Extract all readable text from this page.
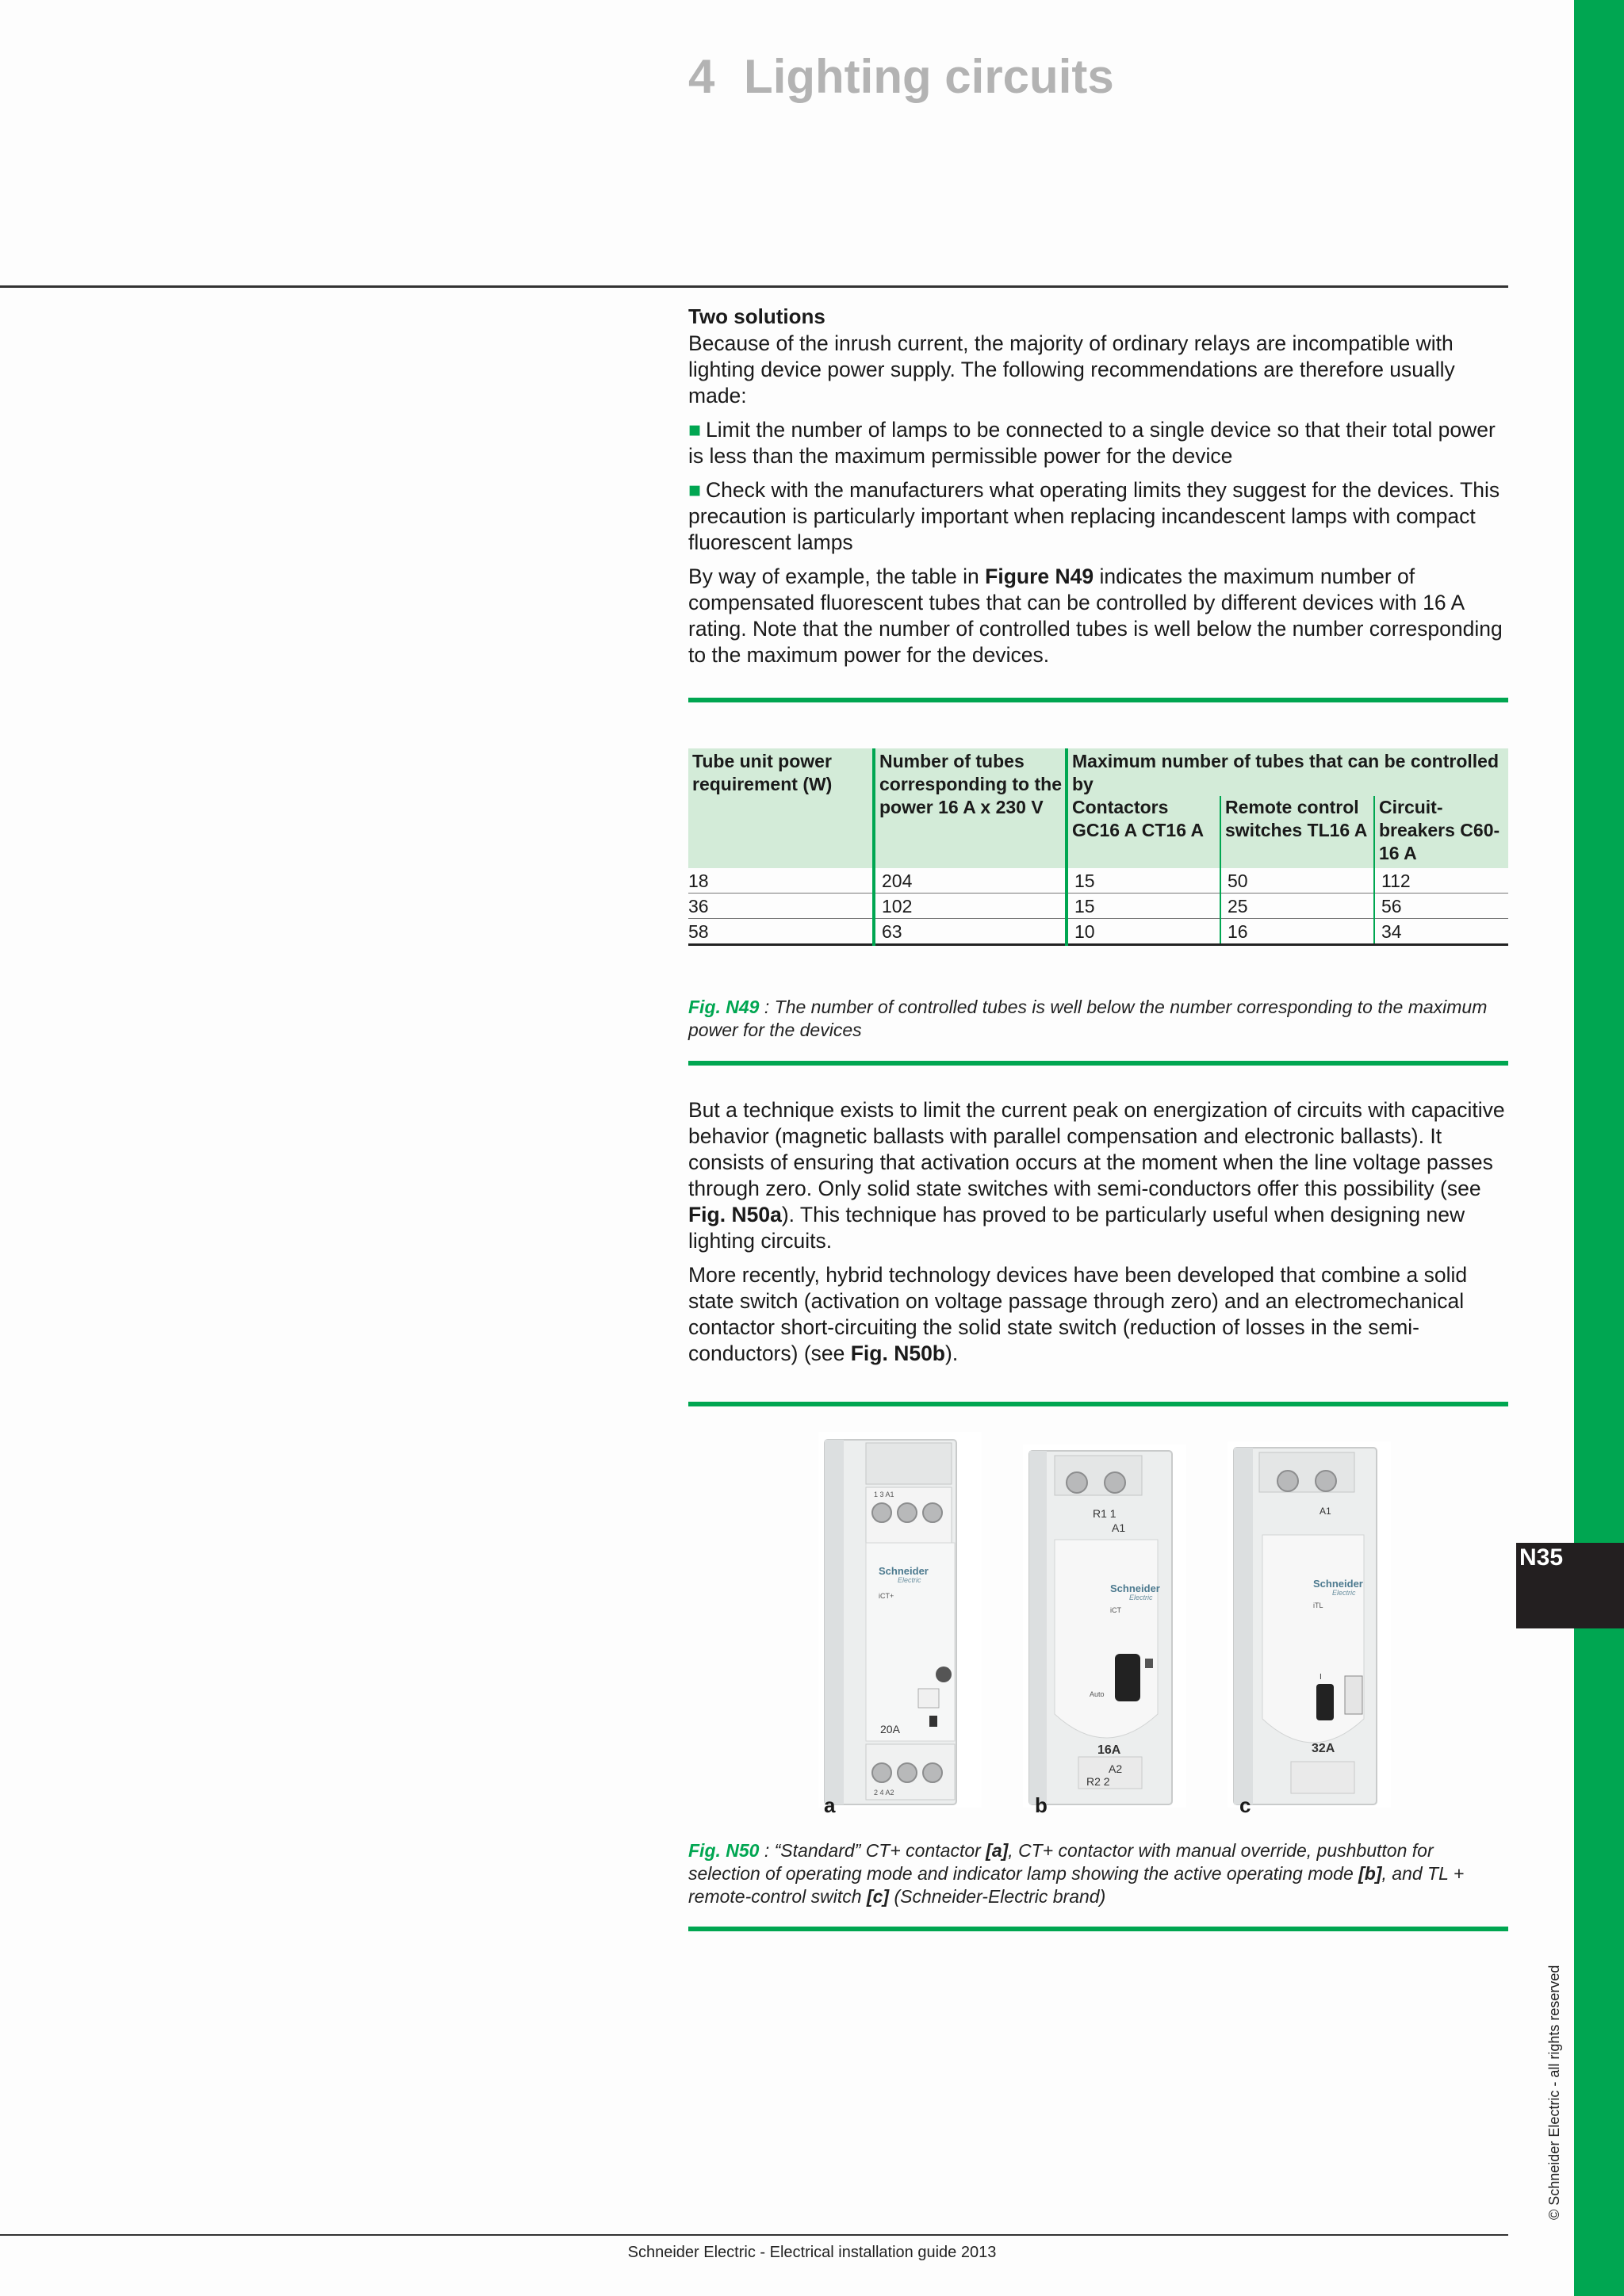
N35
© Schneider Electric - all rights reserved
4 Lighting circuits
Two solutions

Because of the inrush current, the majority of ordinary relays are incompatible with lighting device power supply. The following recommendations are therefore usually made:

■ Limit the number of lamps to be connected to a single device so that their total power is less than the maximum permissible power for the device

■ Check with the manufacturers what operating limits they suggest for the devices. This precaution is particularly important when replacing incandescent lamps with compact fluorescent lamps

By way of example, the table in Figure N49 indicates the maximum number of compensated fluorescent tubes that can be controlled by different devices with 16 A rating. Note that the number of controlled tubes is well below the number corresponding to the maximum power for the devices.

Tube unit power requirement (W)	Number of tubes corresponding to the power 16 A x 230 V	Maximum number of tubes that can be controlled by		
		Contactors GC16 A CT16 A	Remote control switches TL16 A	Circuit-breakers C60-16 A
18	204	15	50	112
36	102	15	25	56
58	63	10	16	34
Fig. N49 : The number of controlled tubes is well below the number corresponding to the maximum power for the devices

But a technique exists to limit the current peak on energization of circuits with capacitive behavior (magnetic ballasts with parallel compensation and electronic ballasts). It consists of ensuring that activation occurs at the moment when the line voltage passes through zero. Only solid state switches with semi-conductors offer this possibility (see Fig. N50a). This technique has proved to be particularly useful when designing new lighting circuits.

More recently, hybrid technology devices have been developed that combine a solid state switch (activation on voltage passage through zero) and an electromechanical contactor short-circuiting the solid state switch (reduction of losses in the semi-conductors) (see Fig. N50b).

1 3 A1
Schneider
Electric
iCT+
20A
2 4 A2
R1 1
A1
Schneider
Electric
iCT
Auto
16A
A2
R2 2
A1
Schneider
Electric
iTL
I
32A
a	b	c
Fig. N50 : “Standard” CT+ contactor [a], CT+ contactor with manual override, pushbutton for selection of operating mode and indicator lamp showing the active operating mode [b], and TL + remote-control switch [c] (Schneider-Electric brand)
Schneider Electric - Electrical installation guide 2013
